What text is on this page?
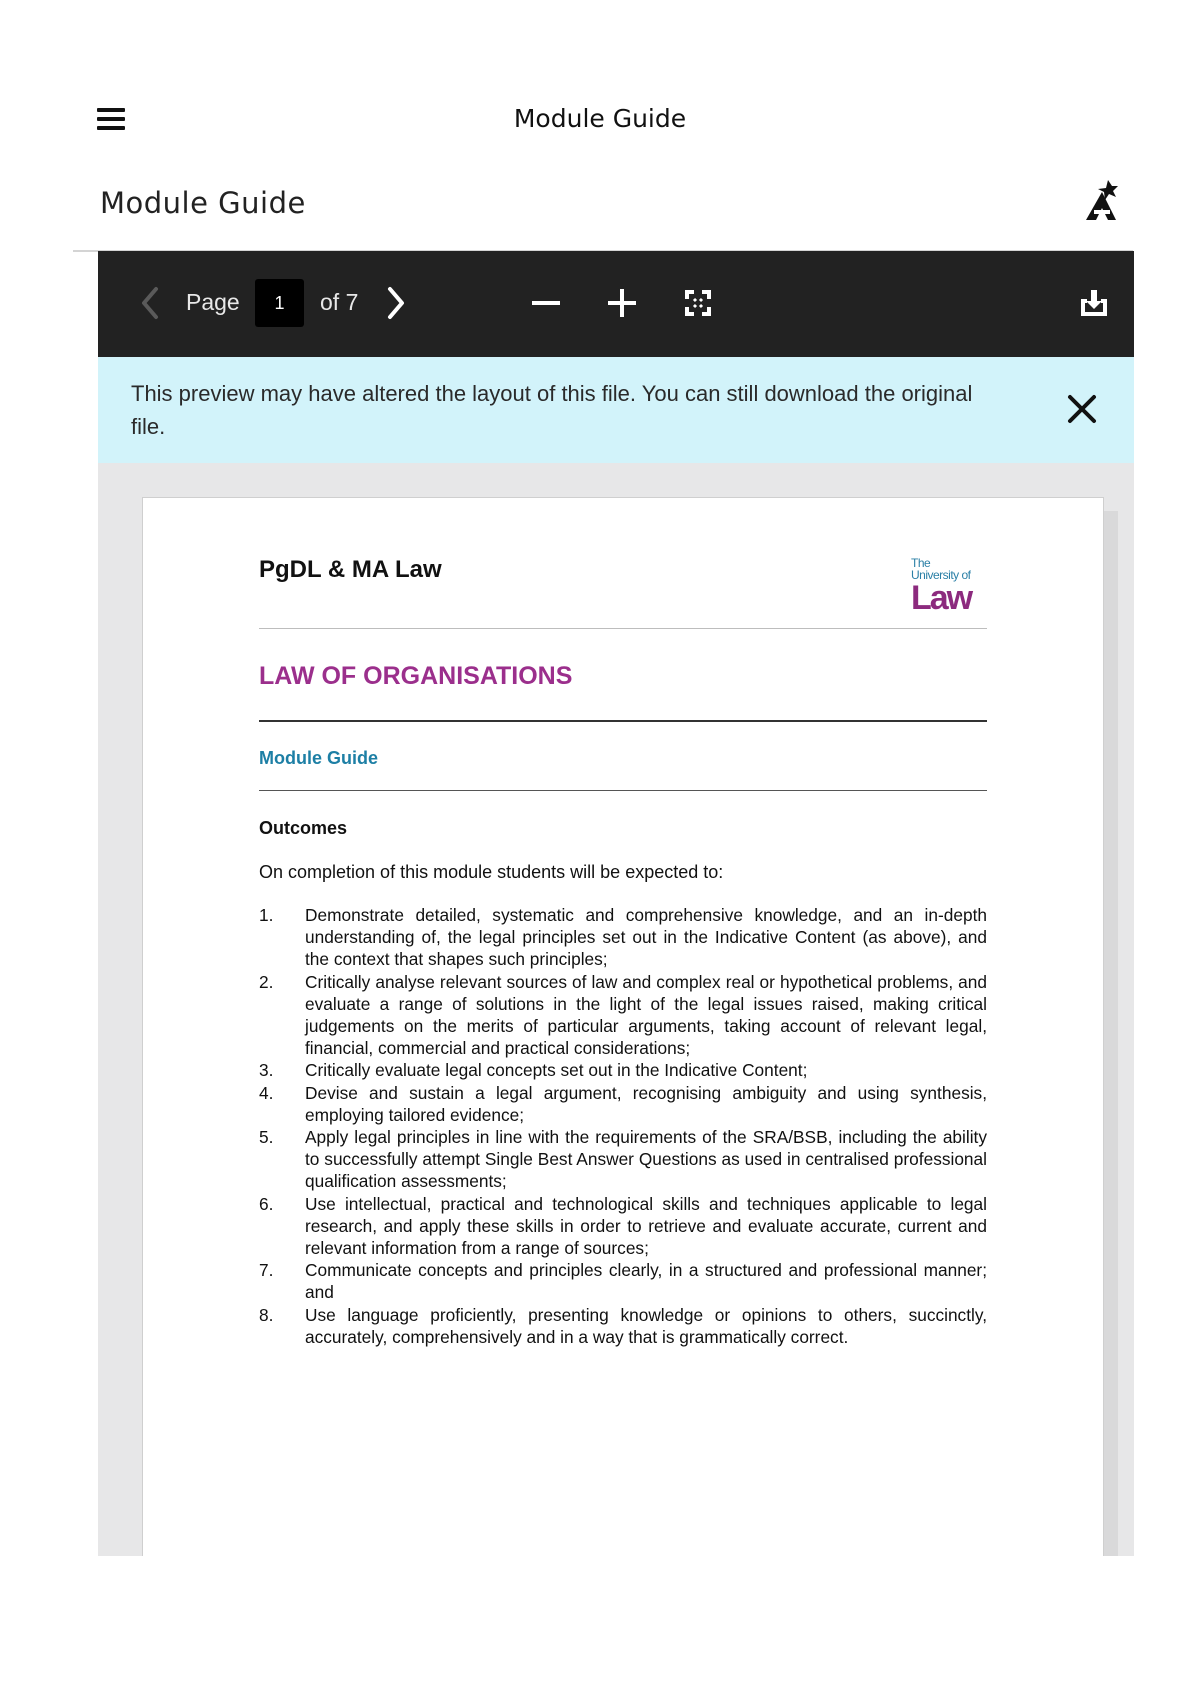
Module Guide
Module Guide
Page
1	of 7
This preview may have altered the layout of this file. You can still download the original file.
PgDL & MA Law	The
University of
Law
LAW OF ORGANISATIONS
Module Guide
Outcomes
On completion of this module students will be expected to:
1. Demonstrate detailed, systematic and comprehensive knowledge, and an in-depth understanding of, the legal principles set out in the Indicative Content (as above), and the context that shapes such principles;
2. Critically analyse relevant sources of law and complex real or hypothetical problems, and evaluate a range of solutions in the light of the legal issues raised, making critical judgements on the merits of particular arguments, taking account of relevant legal, financial, commercial and practical considerations;
3. Critically evaluate legal concepts set out in the Indicative Content;
4. Devise and sustain a legal argument, recognising ambiguity and using synthesis, employing tailored evidence;
5. Apply legal principles in line with the requirements of the SRA/BSB, including the ability to successfully attempt Single Best Answer Questions as used in centralised professional qualification assessments;
6. Use intellectual, practical and technological skills and techniques applicable to legal research, and apply these skills in order to retrieve and evaluate accurate, current and relevant information from a range of sources;
7. Communicate concepts and principles clearly, in a structured and professional manner; and
8. Use language proficiently, presenting knowledge or opinions to others, succinctly, accurately, comprehensively and in a way that is grammatically correct.
